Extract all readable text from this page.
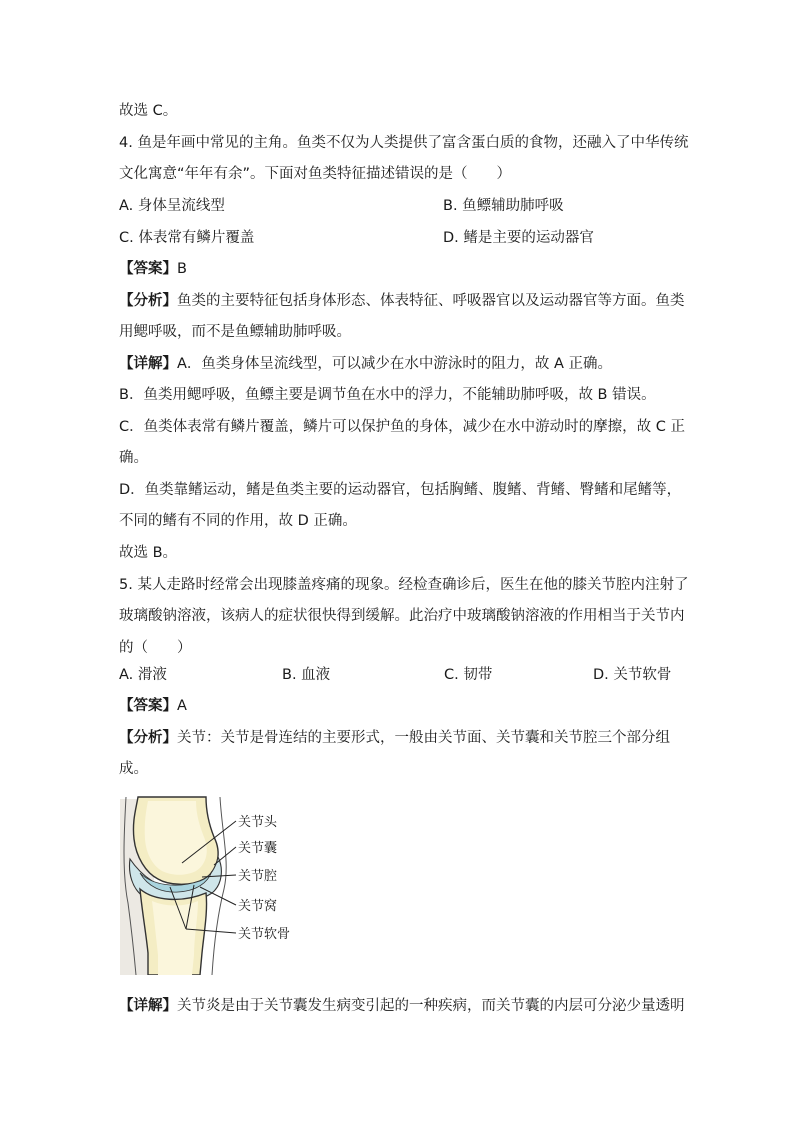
故选 C。
4. 鱼是年画中常见的主角。鱼类不仅为人类提供了富含蛋白质的食物，还融入了中华传统
文化寓意“年年有余”。下面对鱼类特征描述错误的是（　　）
A. 身体呈流线型	B. 鱼鳔辅助肺呼吸
C. 体表常有鳞片覆盖	D. 鳍是主要的运动器官
【答案】B
【分析】鱼类的主要特征包括身体形态、体表特征、呼吸器官以及运动器官等方面。鱼类
用鳃呼吸，而不是鱼鳔辅助肺呼吸。
【详解】A．鱼类身体呈流线型，可以减少在水中游泳时的阻力，故 A 正确。
B．鱼类用鳃呼吸，鱼鳔主要是调节鱼在水中的浮力，不能辅助肺呼吸，故 B 错误。
C．鱼类体表常有鳞片覆盖，鳞片可以保护鱼的身体，减少在水中游动时的摩擦，故 C 正
确。
D．鱼类靠鳍运动，鳍是鱼类主要的运动器官，包括胸鳍、腹鳍、背鳍、臀鳍和尾鳍等，
不同的鳍有不同的作用，故 D 正确。
故选 B。
5. 某人走路时经常会出现膝盖疼痛的现象。经检查确诊后，医生在他的膝关节腔内注射了
玻璃酸钠溶液，该病人的症状很快得到缓解。此治疗中玻璃酸钠溶液的作用相当于关节内
的（　　）
A. 滑液	B. 血液	C. 韧带	D. 关节软骨
【答案】A
【分析】关节：关节是骨连结的主要形式，一般由关节面、关节囊和关节腔三个部分组
成。
关节头
关节囊
关节腔
关节窝
关节软骨
【详解】关节炎是由于关节囊发生病变引起的一种疾病，而关节囊的内层可分泌少量透明
